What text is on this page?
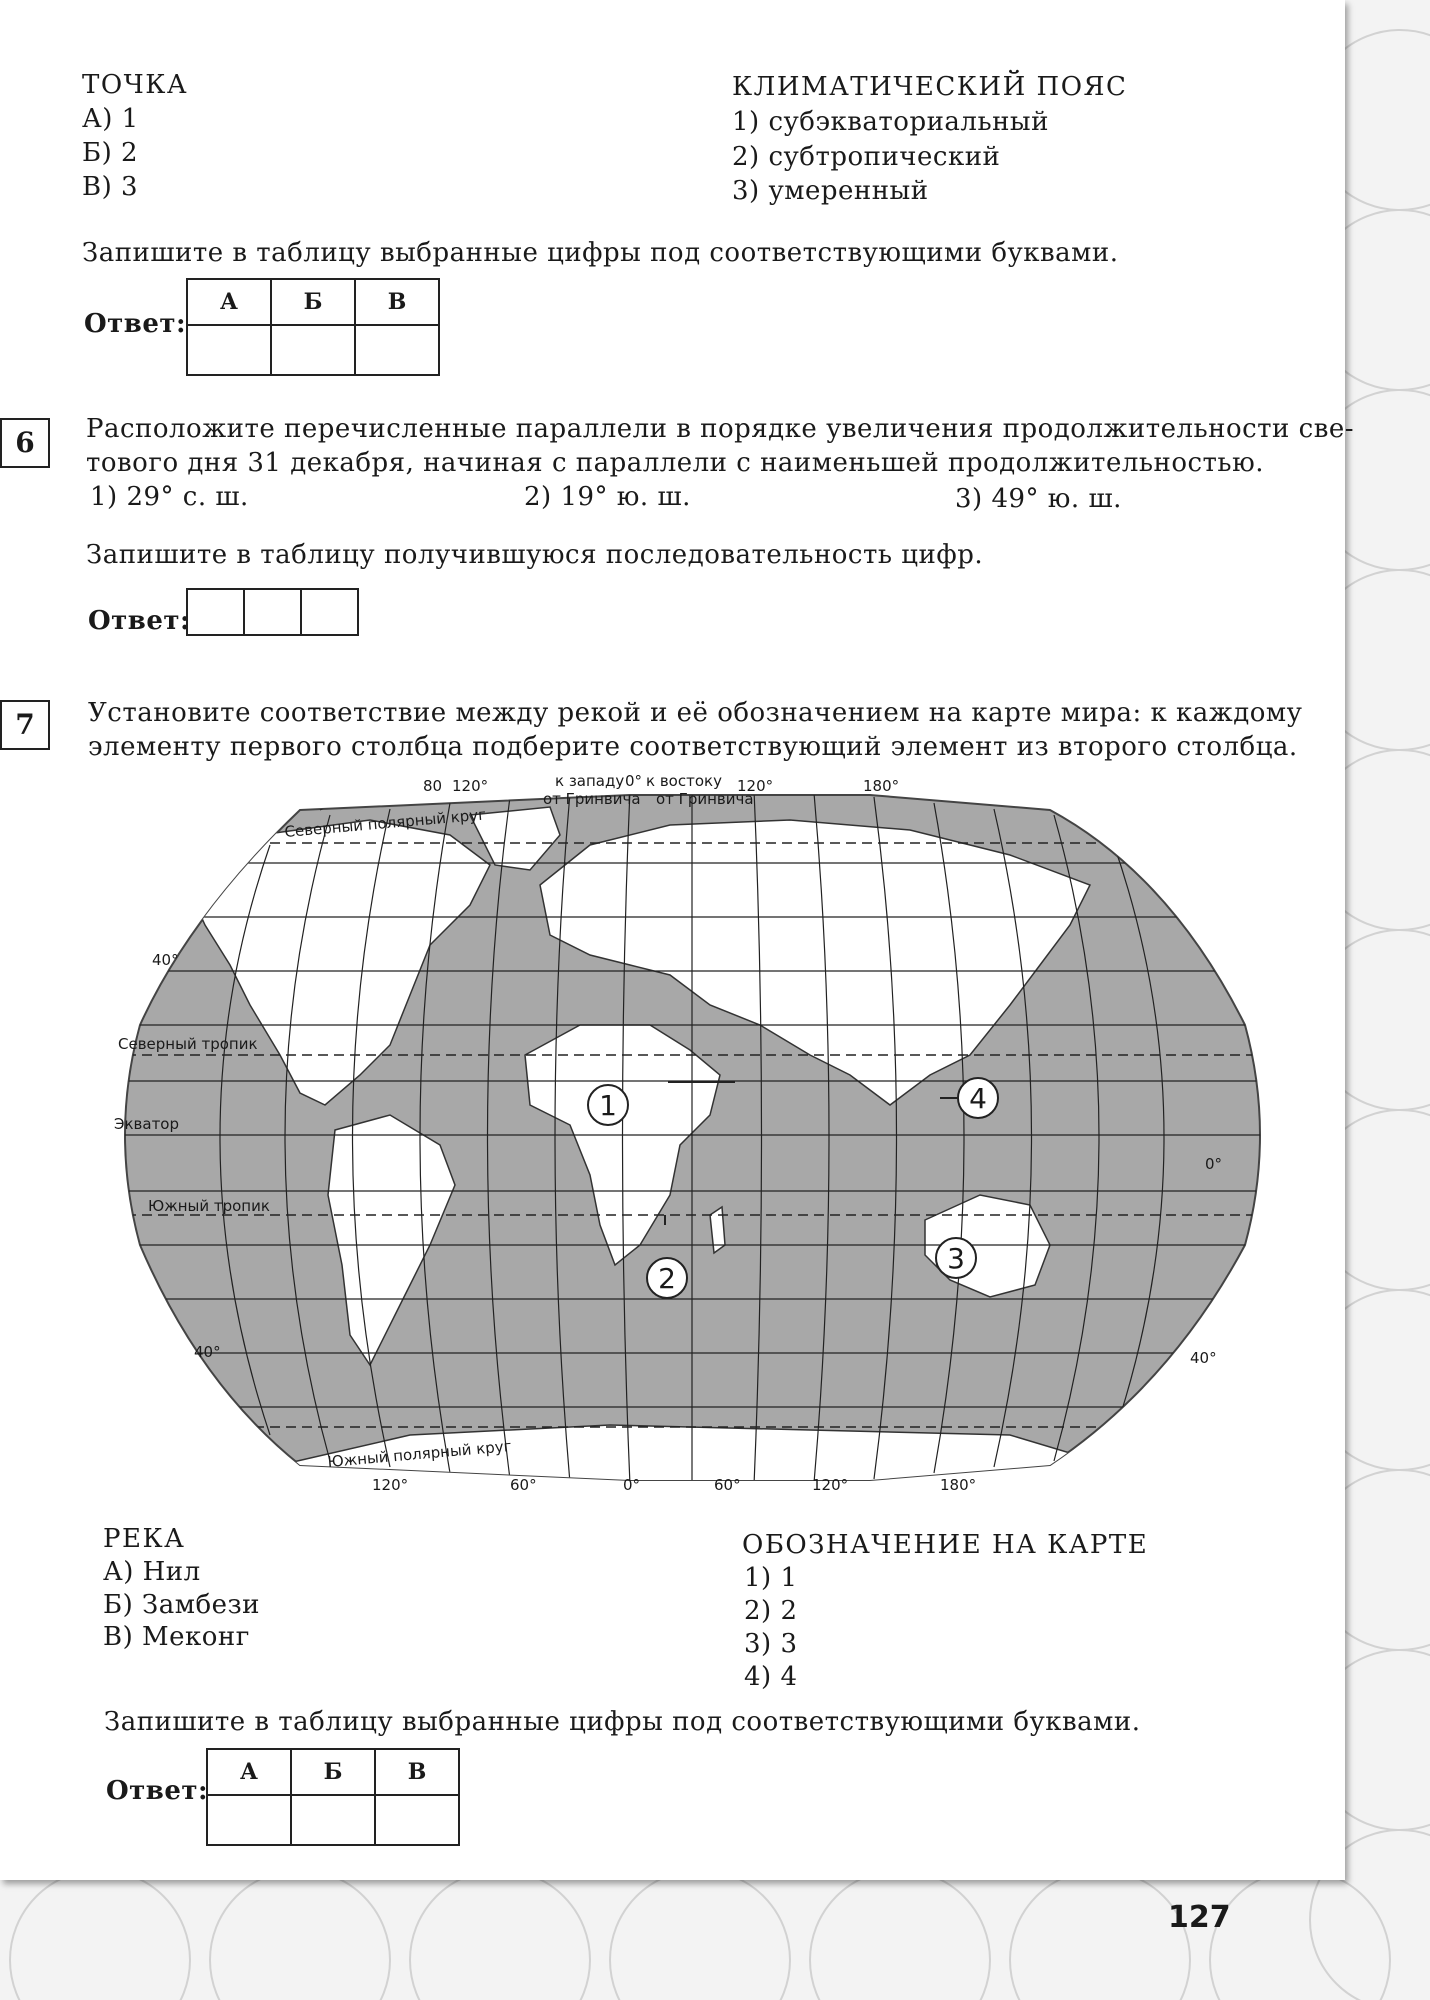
ТОЧКА
А) 1
Б) 2
В) 3
КЛИМАТИЧЕСКИЙ ПОЯС
1) субэкваториальный
2) субтропический
3) умеренный
Запишите в таблицу выбранные цифры под соответствующими буквами.
Ответ:
А	Б	В

6	Расположите перечисленные параллели в порядке увеличения продолжительности све-
тового дня 31 декабря, начиная с параллели с наименьшей продолжительностью.
1) 29° с. ш.	2) 19° ю. ш.	3) 49° ю. ш.
Запишите в таблицу получившуюся последовательность цифр.
Ответ:

7	Установите соответствие между рекой и её обозначением на карте мира: к каждому
элементу первого столбца подберите соответствующий элемент из второго столбца.
80 120°	к западу
от Гринвича
0° к востоку
от Гринвича
120°	180°
120°	60°	0°	60°	120°	180°
Северный полярный круг
40°
Северный тропик
Экватор
0°
Южный тропик
40°	40°
Южный полярный круг
1
2
3
4
РЕКА
А) Нил
Б) Замбези
В) Меконг
ОБОЗНАЧЕНИЕ НА КАРТЕ
1) 1
2) 2
3) 3
4) 4
Запишите в таблицу выбранные цифры под соответствующими буквами.
Ответ:
А	Б	В

127
